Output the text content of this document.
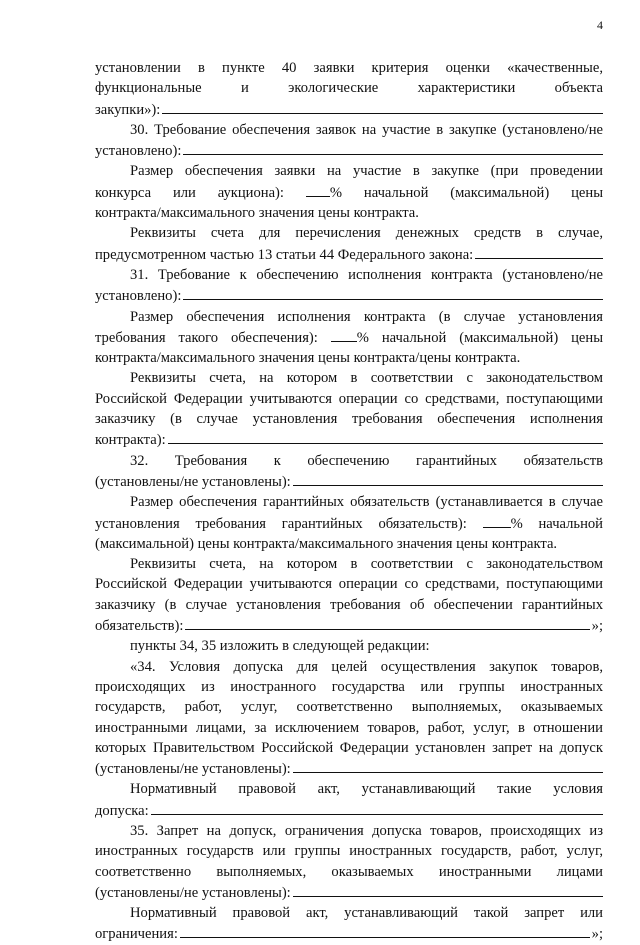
4

установлении в пункте 40 заявки критерия оценки «качественные,
функциональные и экологические характеристики объекта
закупки»):

30. Требование обеспечения заявок на участие в закупке (установлено/не

установлено):

Размер обеспечения заявки на участие в закупке (при проведении
конкурса или аукциона):	% начальной (максимальной) цены
контракта/максимального значения цены контракта.

Реквизиты счета для перечисления денежных средств в случае,
предусмотренном частью 13 статьи 44 Федерального закона:

31. Требование к обеспечению исполнения контракта (установлено/не
установлено):

Размер обеспечения исполнения контракта (в случае установления
требования такого обеспечения):	% начальной (максимальной) цены
контракта/максимального значения цены контракта/цены контракта.

Реквизиты счета, на котором в соответствии с законодательством
Российской Федерации учитываются операции со средствами, поступающими
заказчику (в случае установления требования обеспечения исполнения
контракта):

32. Требования к обеспечению гарантийных обязательств
(установлены/не установлены):

Размер обеспечения гарантийных обязательств (устанавливается в случае
установления требования гарантийных обязательств):	% начальной
(максимальной) цены контракта/максимального значения цены контракта.

Реквизиты счета, на котором в соответствии с законодательством
Российской Федерации учитываются операции со средствами, поступающими
заказчику (в случае установления требования об обеспечении гарантийных
обязательств):	»;

пункты 34, 35 изложить в следующей редакции:

«34. Условия допуска для целей осуществления закупок товаров,
происходящих из иностранного государства или группы иностранных
государств, работ, услуг, соответственно выполняемых, оказываемых
иностранными лицами, за исключением товаров, работ, услуг, в отношении
которых Правительством Российской Федерации установлен запрет на допуск
(установлены/не установлены):

Нормативный правовой акт, устанавливающий такие условия
допуска:

35. Запрет на допуск, ограничения допуска товаров, происходящих из
иностранных государств или группы иностранных государств, работ, услуг,
соответственно выполняемых, оказываемых иностранными лицами
(установлены/не установлены):

Нормативный правовой акт, устанавливающий такой запрет или
ограничения:	»;
